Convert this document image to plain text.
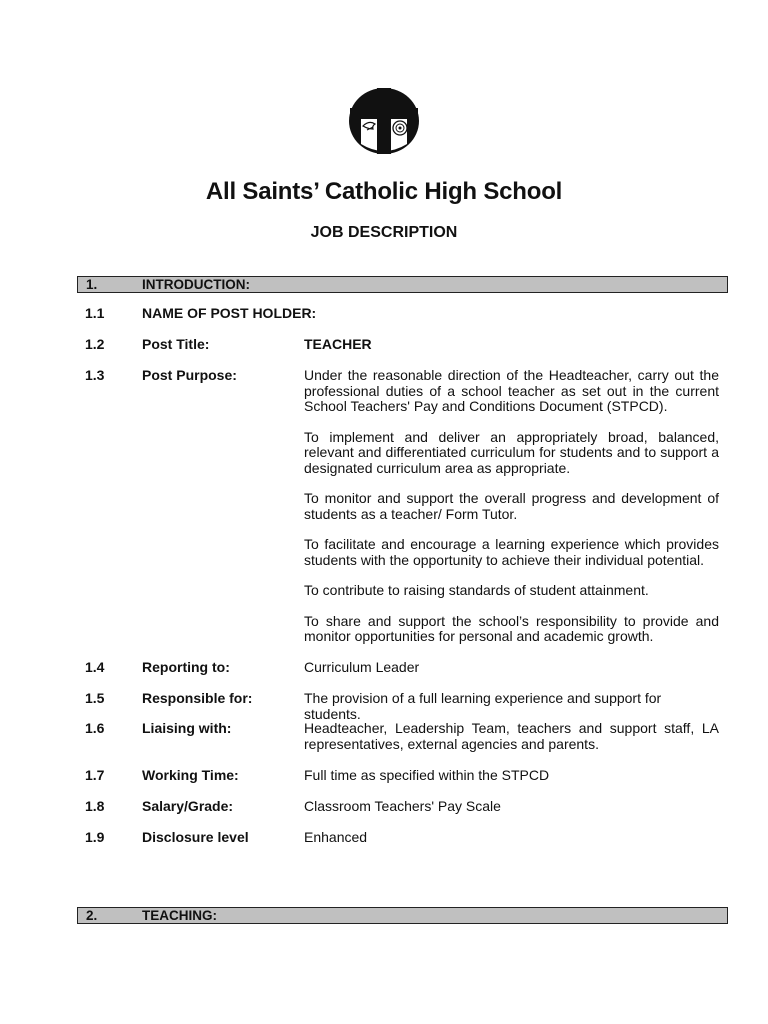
All Saints’ Catholic High School
JOB DESCRIPTION
1.	INTRODUCTION:
1.1	NAME OF POST HOLDER:
1.2	Post Title:	TEACHER
1.3	Post Purpose:	Under the reasonable direction of the Headteacher, carry out the professional duties of a school teacher as set out in the current School Teachers' Pay and Conditions Document (STPCD).

To implement and deliver an appropriately broad, balanced, relevant and differentiated curriculum for students and to support a designated curriculum area as appropriate.

To monitor and support the overall progress and development of students as a teacher/ Form Tutor.

To facilitate and encourage a learning experience which provides students with the opportunity to achieve their individual potential.

To contribute to raising standards of student attainment.

To share and support the school’s responsibility to provide and monitor opportunities for personal and academic growth.

1.4	Reporting to:	Curriculum Leader
1.5	Responsible for:	The provision of a full learning experience and support for students.
1.6	Liaising with:	Headteacher, Leadership Team, teachers and support staff, LA representatives, external agencies and parents.
1.7	Working Time:	Full time as specified within the STPCD
1.8	Salary/Grade:	Classroom Teachers' Pay Scale
1.9	Disclosure level	Enhanced
2.	TEACHING:
